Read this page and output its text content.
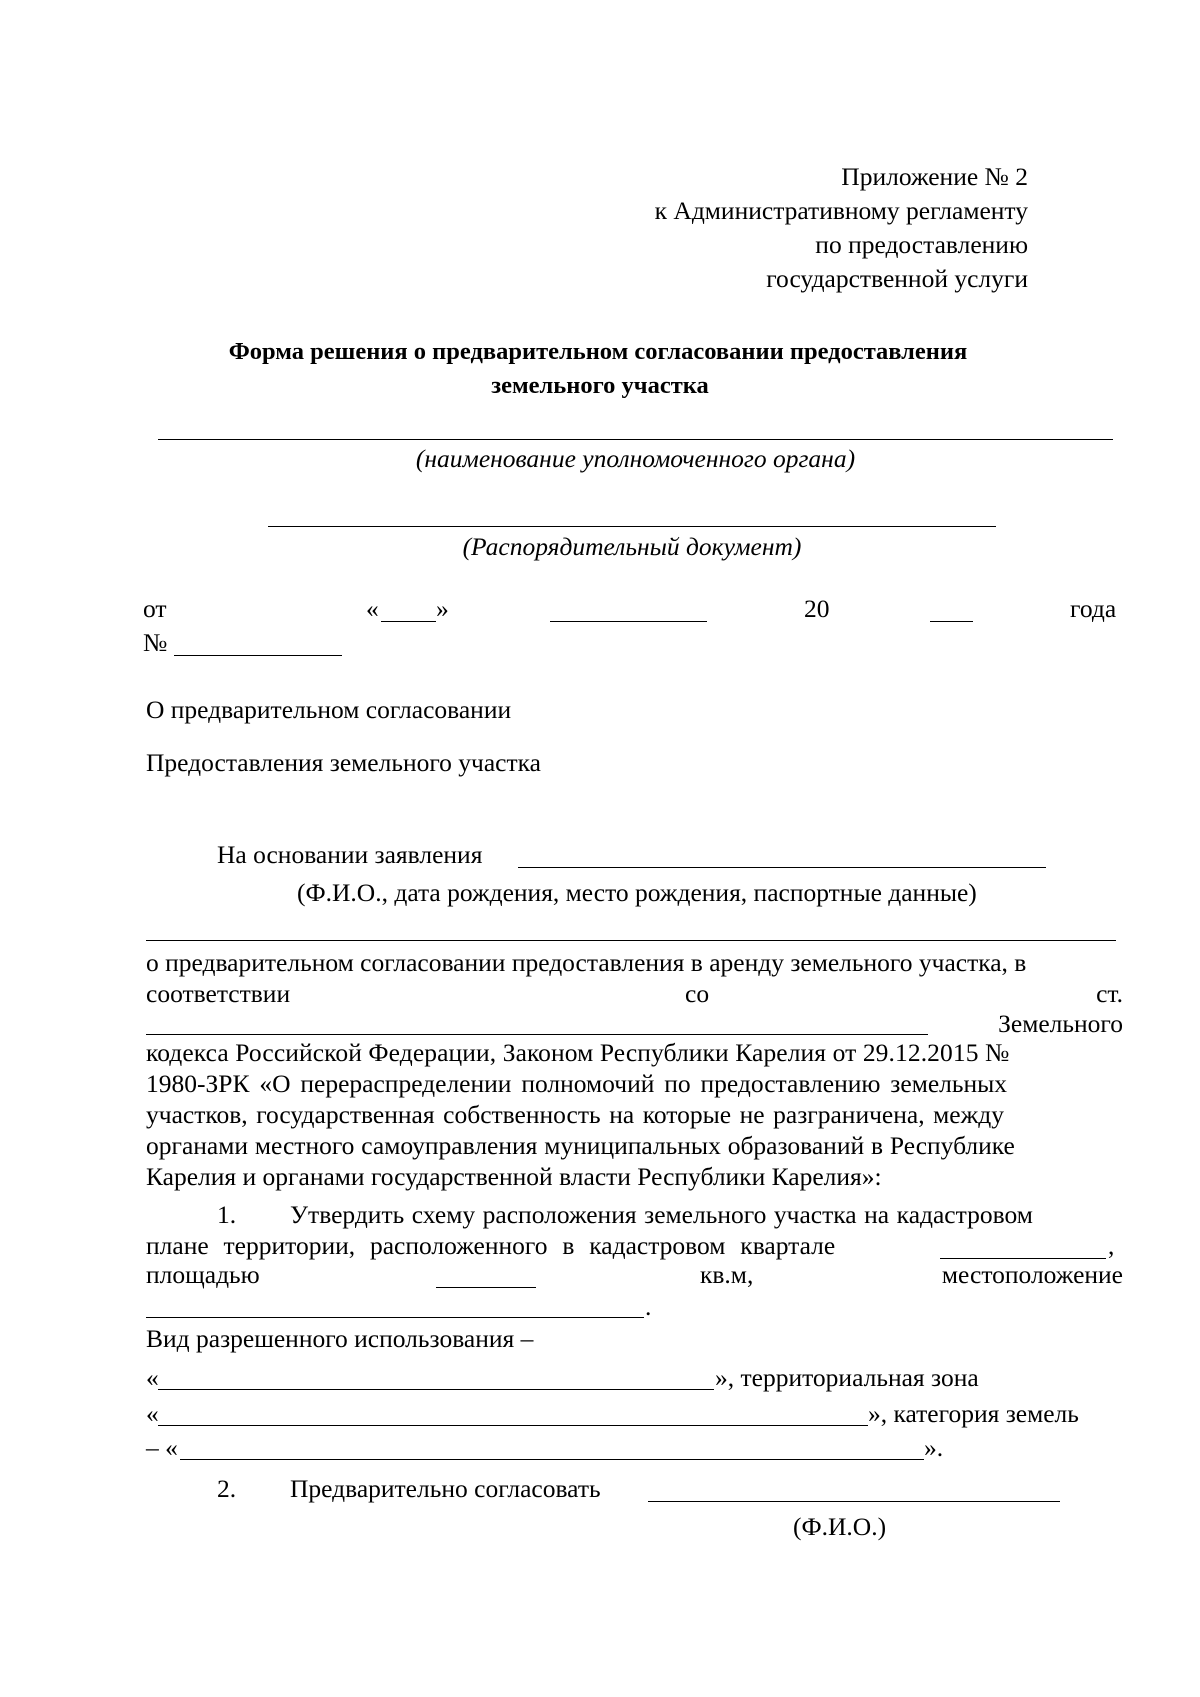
Приложение № 2
к Административному регламенту
по предоставлению
государственной услуги
Форма решения о предварительном согласовании предоставления
земельного участка
(наименование уполномоченного органа)
(Распорядительный документ)
от	« »	20	года
№
О предварительном согласовании
Предоставления земельного участка
На основании заявления
(Ф.И.О., дата рождения, место рождения, паспортные данные)
о предварительном согласовании предоставления в аренду земельного участка, в
соответствии	со	ст.
Земельного
кодекса Российской Федерации, Законом Республики Карелия от 29.12.2015 №
1980-ЗРК «О перераспределении полномочий по предоставлению земельных
участков, государственная собственность на которые не разграничена, между
органами местного самоуправления муниципальных образований в Республике
Карелия и органами государственной власти Республики Карелия»:
1. Утвердить схему расположения земельного участка на кадастровом
плане территории, расположенного в кадастровом квартале	,
площадью	кв.м,	местоположение
.
Вид разрешенного использования –
«	», территориальная зона
«	», категория земель
– «	».
2. Предварительно согласовать
(Ф.И.О.)
